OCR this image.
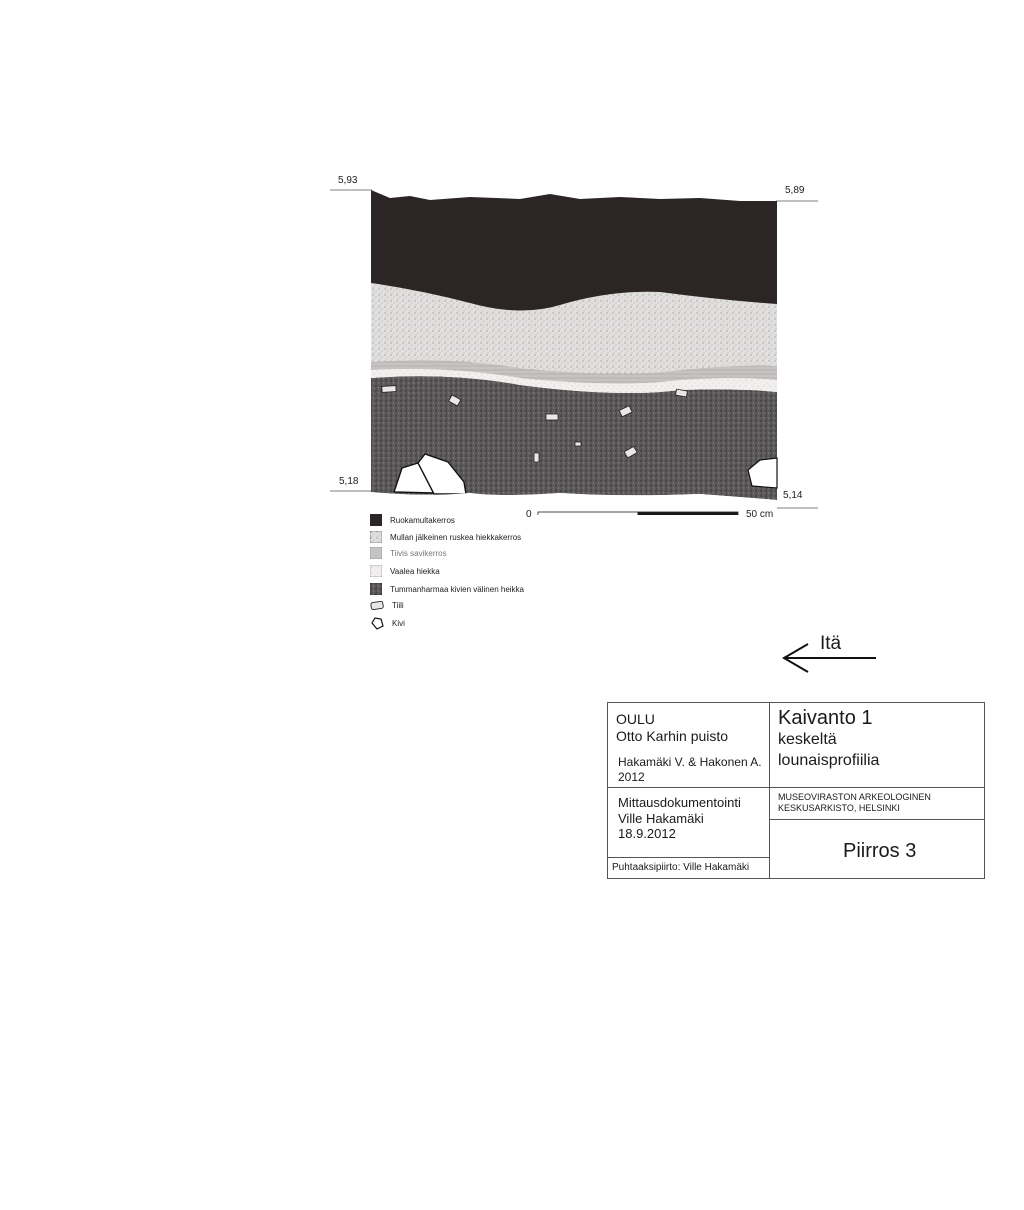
5,93
5,89
5,18
5,14
0	50 cm
Ruokamultakerros
Mullan jälkeinen ruskea hiekkakerros
Tiivis savikerros
Vaalea hiekka
Tummanharmaa kivien välinen heikka
Tiili
Kivi
Itä
OULU
Otto Karhin puisto
Hakamäki V. & Hakonen A.
2012
Mittausdokumentointi
Ville Hakamäki
18.9.2012
Puhtaaksipiirto: Ville Hakamäki
Kaivanto 1
keskeltä
lounaisprofiilia
MUSEOVIRASTON ARKEOLOGINEN
KESKUSARKISTO, HELSINKI
Piirros 3
